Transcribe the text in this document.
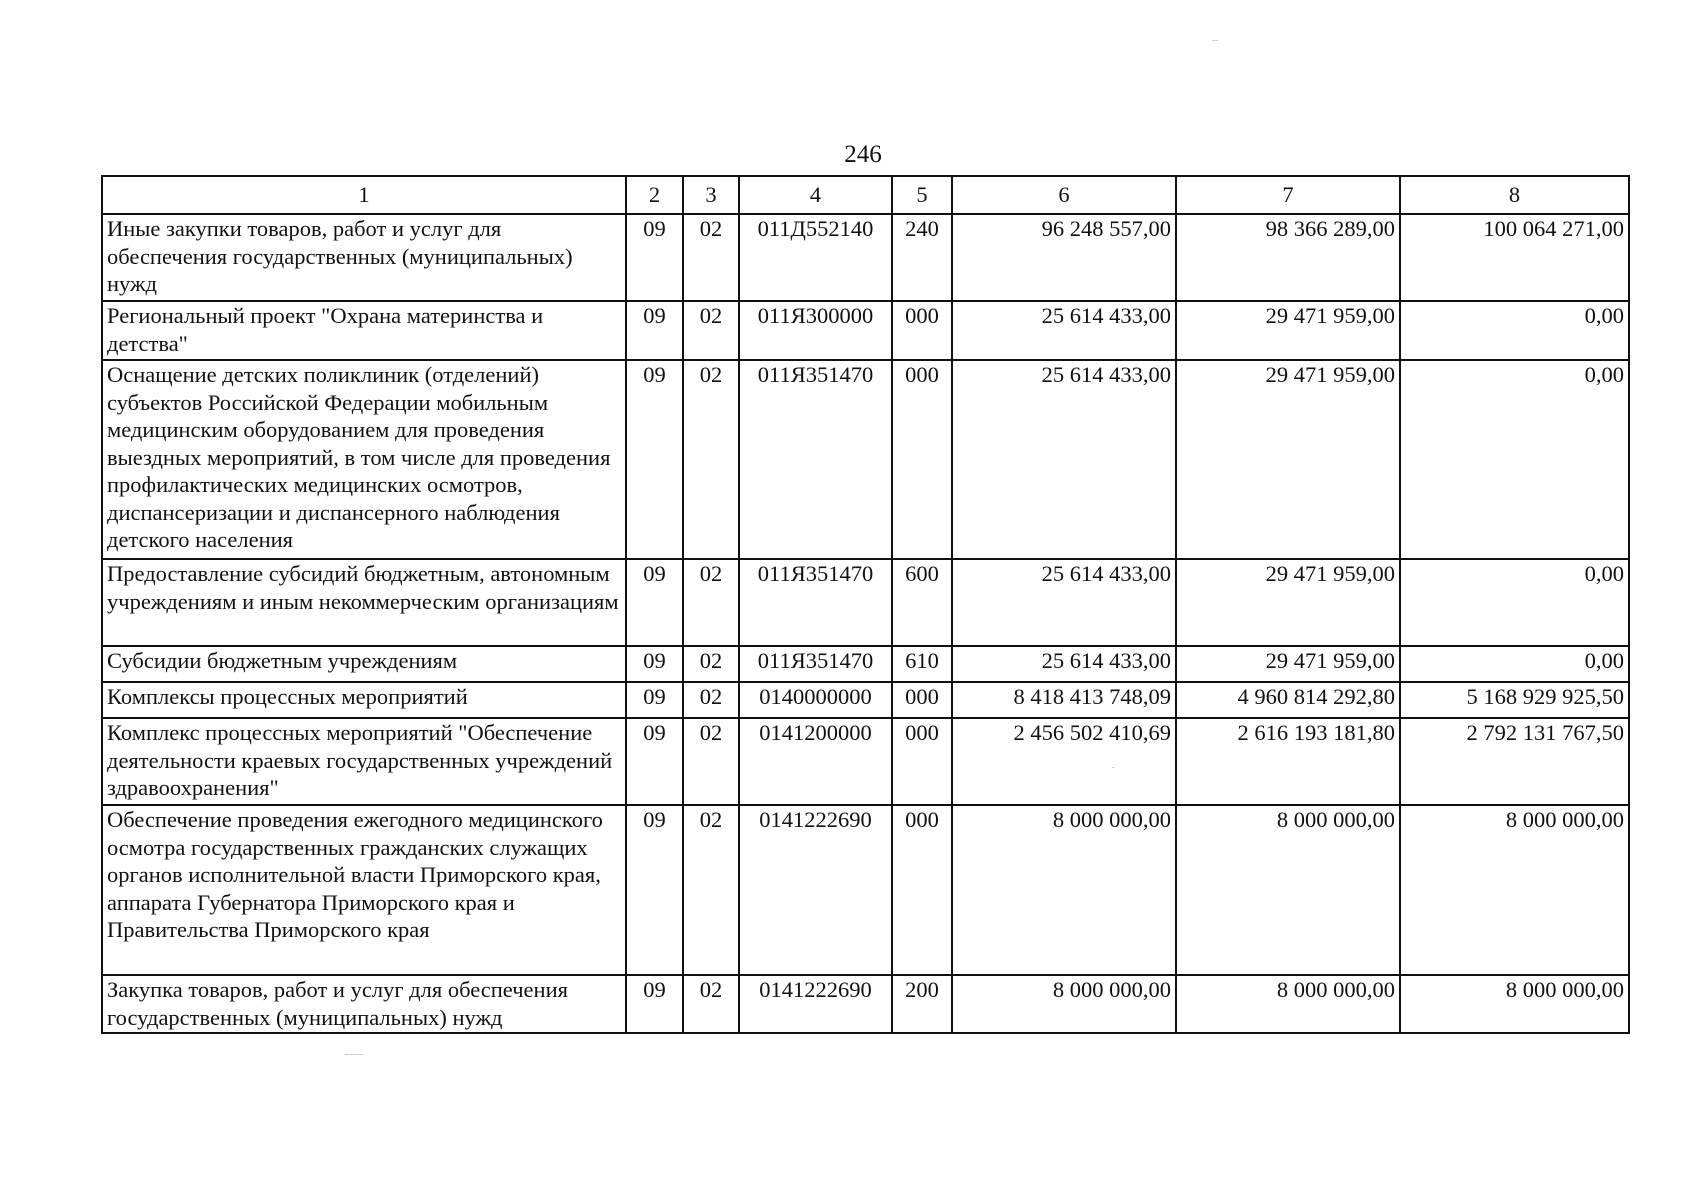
246
1	2	3	4	5	6	7	8
Иные закупки товаров, работ и услуг для обеспечения государственных (муниципальных) нужд	09	02	011Д552140	240	96 248 557,00	98 366 289,00	100 064 271,00
Региональный проект "Охрана материнства и детства"	09	02	011Я300000	000	25 614 433,00	29 471 959,00	0,00
Оснащение детских поликлиник (отделений) субъектов Российской Федерации мобильным медицинским оборудованием для проведения выездных мероприятий, в том числе для проведения профилактических медицинских осмотров, диспансеризации и диспансерного наблюдения детского населения	09	02	011Я351470	000	25 614 433,00	29 471 959,00	0,00
Предоставление субсидий бюджетным, автономным учреждениям и иным некоммерческим организациям	09	02	011Я351470	600	25 614 433,00	29 471 959,00	0,00
Субсидии бюджетным учреждениям	09	02	011Я351470	610	25 614 433,00	29 471 959,00	0,00
Комплексы процессных мероприятий	09	02	0140000000	000	8 418 413 748,09	4 960 814 292,80	5 168 929 925,50
Комплекс процессных мероприятий "Обеспечение деятельности краевых государственных учреждений здравоохранения"	09	02	0141200000	000	2 456 502 410,69	2 616 193 181,80	2 792 131 767,50
Обеспечение проведения ежегодного медицинского осмотра государственных гражданских служащих органов исполнительной власти Приморского края, аппарата Губернатора Приморского края и Правительства Приморского края	09	02	0141222690	000	8 000 000,00	8 000 000,00	8 000 000,00
Закупка товаров, работ и услуг для обеспечения государственных (муниципальных) нужд	09	02	0141222690	200	8 000 000,00	8 000 000,00	8 000 000,00
